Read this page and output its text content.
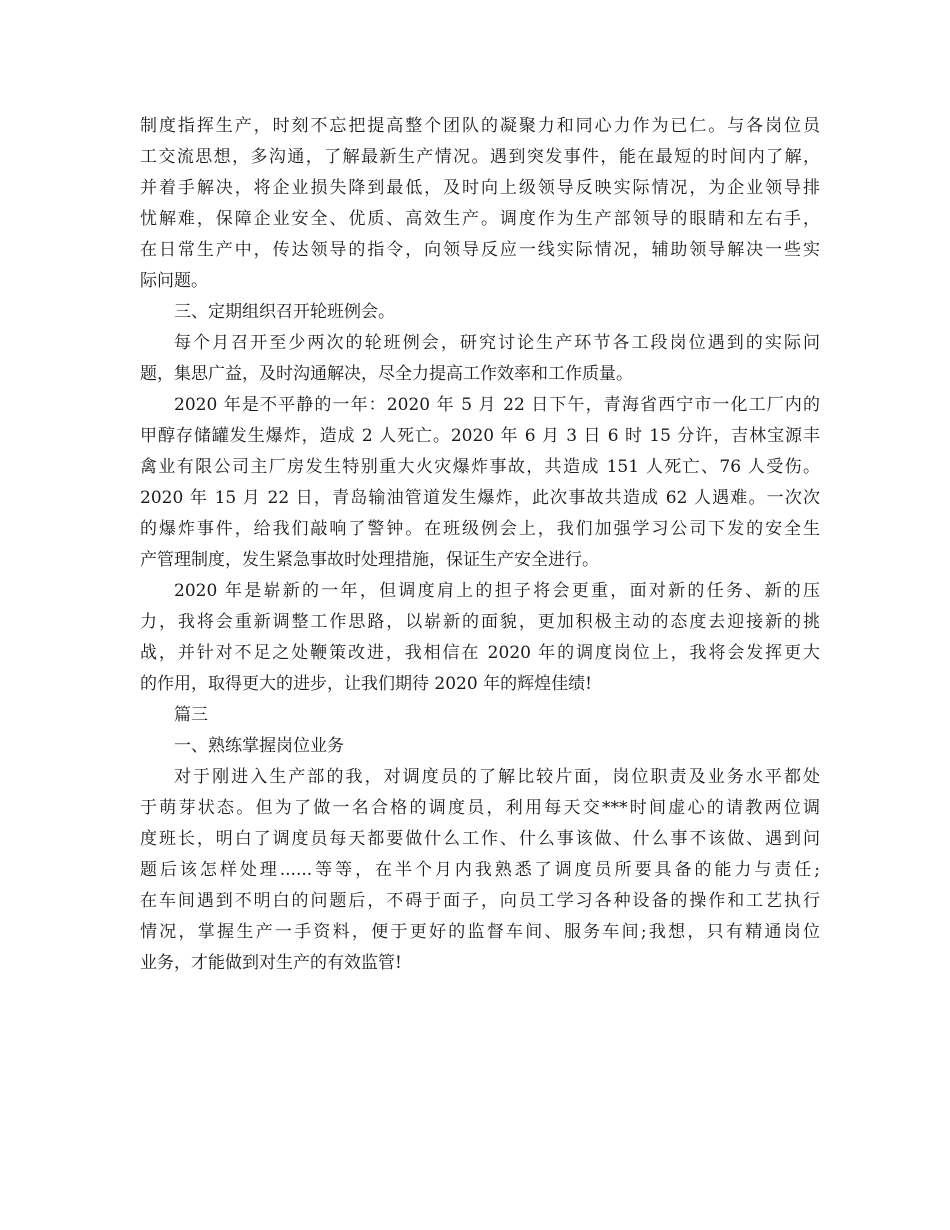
制度指挥生产，时刻不忘把提高整个团队的凝聚力和同心力作为已仁。与各岗位员
工交流思想，多沟通，了解最新生产情况。遇到突发事件，能在最短的时间内了解，
并着手解决，将企业损失降到最低，及时向上级领导反映实际情况，为企业领导排
忧解难，保障企业安全、优质、高效生产。调度作为生产部领导的眼睛和左右手，
在日常生产中，传达领导的指令，向领导反应一线实际情况，辅助领导解决一些实
际问题。
三、定期组织召开轮班例会。
每个月召开至少两次的轮班例会，研究讨论生产环节各工段岗位遇到的实际问
题，集思广益，及时沟通解决，尽全力提高工作效率和工作质量。
2020 年是不平静的一年：2020 年 5 月 22 日下午，青海省西宁市一化工厂内的
甲醇存储罐发生爆炸，造成 2 人死亡。2020 年 6 月 3 日 6 时 15 分许，吉林宝源丰
禽业有限公司主厂房发生特别重大火灾爆炸事故，共造成 151 人死亡、76 人受伤。
2020 年 15 月 22 日，青岛输油管道发生爆炸，此次事故共造成 62 人遇难。一次次
的爆炸事件，给我们敲响了警钟。在班级例会上，我们加强学习公司下发的安全生
产管理制度，发生紧急事故时处理措施，保证生产安全进行。
2020 年是崭新的一年，但调度肩上的担子将会更重，面对新的任务、新的压
力，我将会重新调整工作思路，以崭新的面貌，更加积极主动的态度去迎接新的挑
战，并针对不足之处鞭策改进，我相信在 2020 年的调度岗位上，我将会发挥更大
的作用，取得更大的进步，让我们期待 2020 年的辉煌佳绩!
篇三
一、熟练掌握岗位业务
对于刚进入生产部的我，对调度员的了解比较片面，岗位职责及业务水平都处
于萌芽状态。但为了做一名合格的调度员，利用每天交***时间虚心的请教两位调
度班长，明白了调度员每天都要做什么工作、什么事该做、什么事不该做、遇到问
题后该怎样处理......等等，在半个月内我熟悉了调度员所要具备的能力与责任;
在车间遇到不明白的问题后，不碍于面子，向员工学习各种设备的操作和工艺执行
情况，掌握生产一手资料，便于更好的监督车间、服务车间;我想，只有精通岗位
业务，才能做到对生产的有效监管!
